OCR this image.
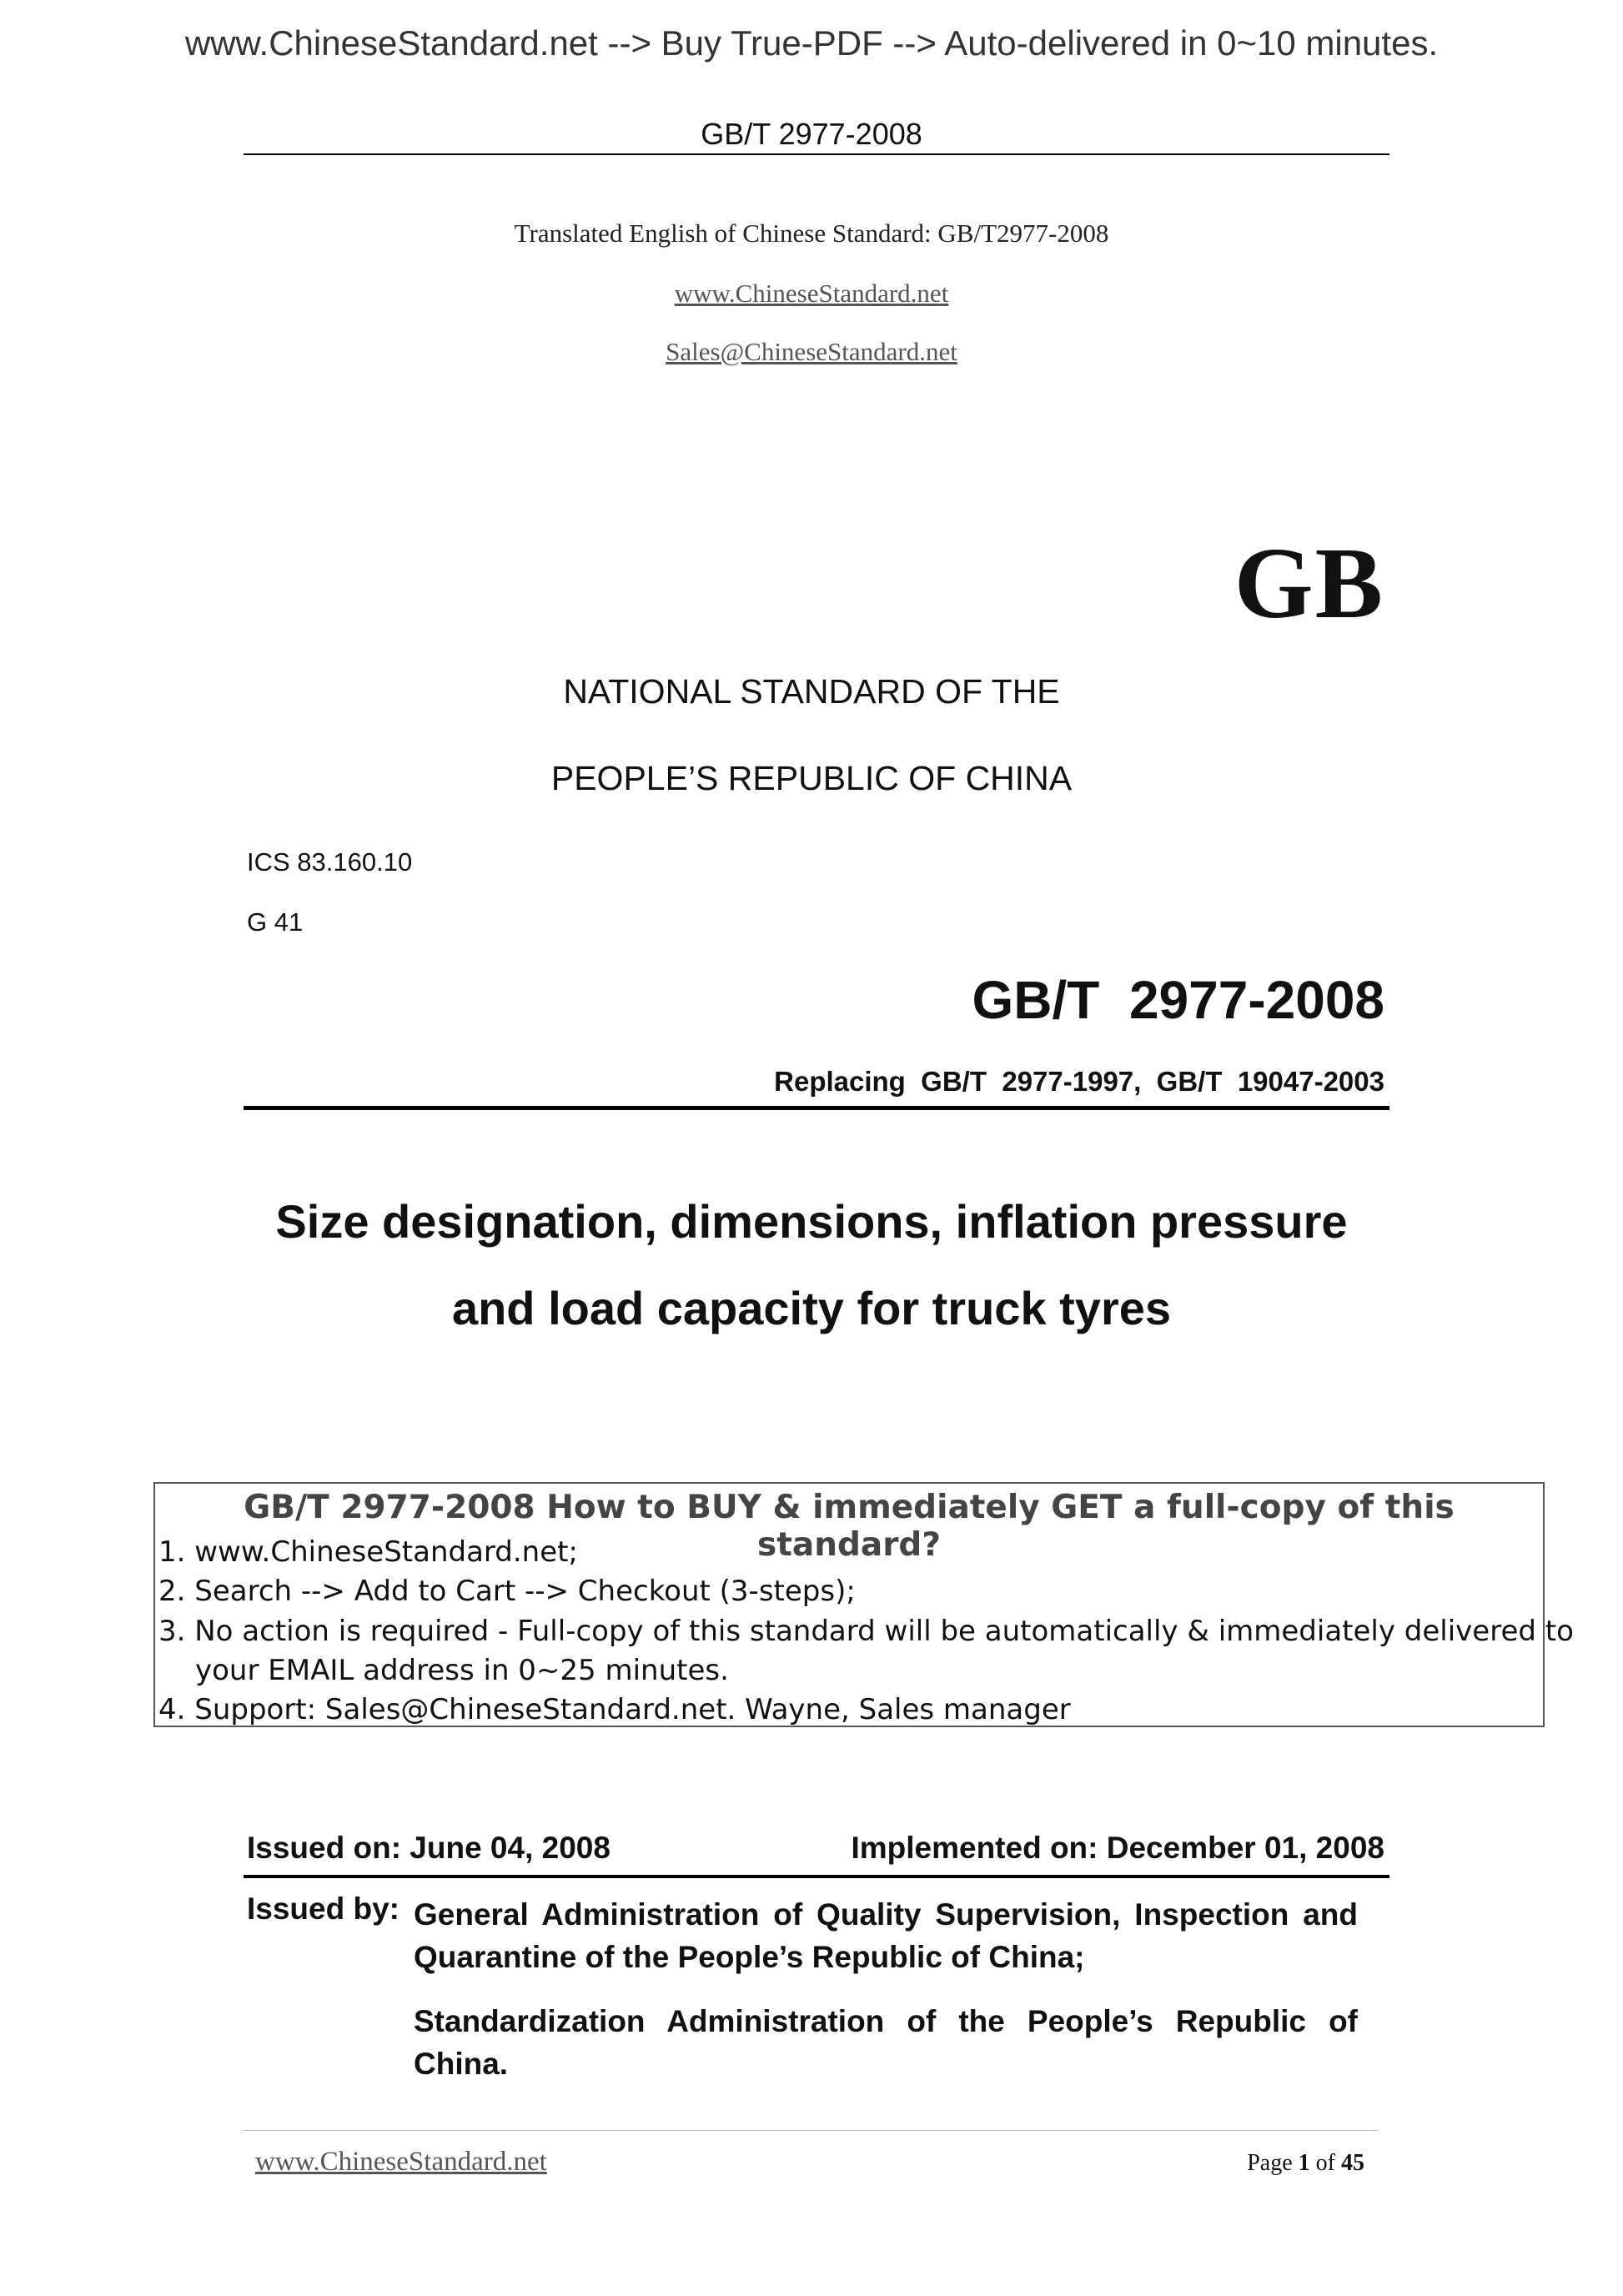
www.ChineseStandard.net --> Buy True-PDF --> Auto-delivered in 0~10 minutes.
GB/T 2977-2008
Translated English of Chinese Standard: GB/T2977-2008
www.ChineseStandard.net
Sales@ChineseStandard.net
GB
NATIONAL STANDARD OF THE
PEOPLE’S REPUBLIC OF CHINA
ICS 83.160.10
G 41
GB/T  2977-2008
Replacing  GB/T  2977-1997,  GB/T  19047-2003
Size designation, dimensions, inflation pressure
and load capacity for truck tyres
GB/T 2977-2008 How to BUY & immediately GET a full-copy of this standard?
1. www.ChineseStandard.net;
2. Search --> Add to Cart --> Checkout (3-steps);
3. No action is required - Full-copy of this standard will be automatically & immediately delivered to
your EMAIL address in 0~25 minutes.
4. Support: Sales@ChineseStandard.net. Wayne, Sales manager
Issued on: June 04, 2008	Implemented on: December 01, 2008
Issued by: General Administration of Quality Supervision, Inspection and Quarantine of the People’s Republic of China;
Standardization Administration of the People’s Republic of China.
www.ChineseStandard.net	Page 1 of 45
